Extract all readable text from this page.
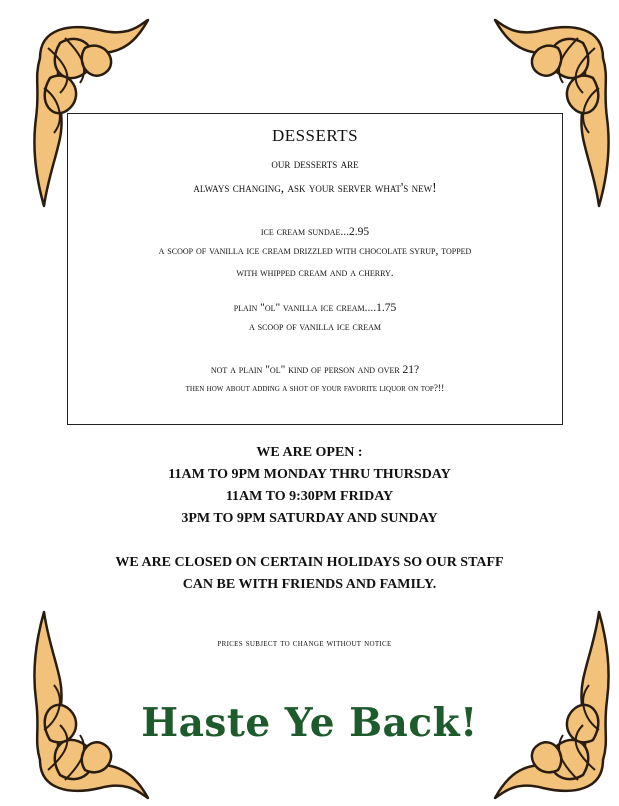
DESSERTS
our desserts are
always changing, ask your server what's new!
ice cream sundae...2.95
a scoop of vanilla ice cream drizzled with chocolate syrup, topped
with whipped cream and a cherry.
plain "ol" vanilla ice cream....1.75
a scoop of vanilla ice cream
not a plain "ol" kind of person and over 21?
then how about adding a shot of your favorite liquor on top?!!
WE ARE OPEN :
11AM TO 9PM MONDAY THRU THURSDAY
11AM TO 9:30PM FRIDAY
3PM TO 9PM SATURDAY AND SUNDAY
WE ARE CLOSED ON CERTAIN HOLIDAYS SO OUR STAFF
CAN BE WITH FRIENDS AND FAMILY.
prices subject to change without notice
Haste Ye Back!
